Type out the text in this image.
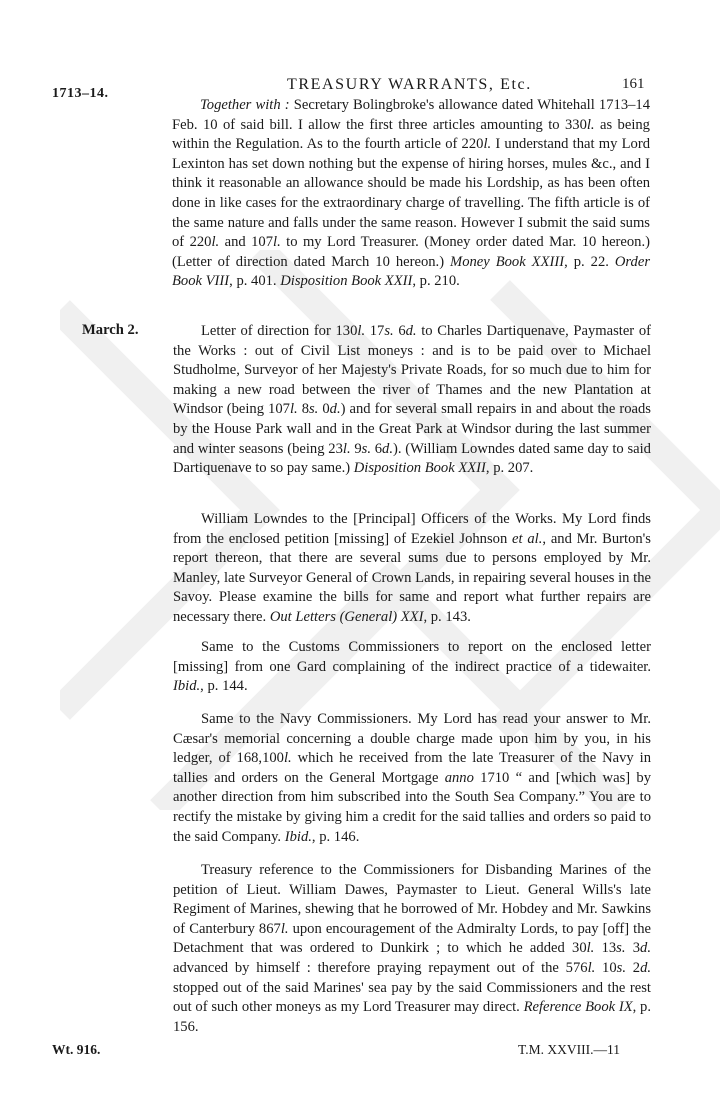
1713–14.
TREASURY WARRANTS, Etc.	161
March 2.

Together with : Secretary Bolingbroke's allowance dated Whitehall 1713–14 Feb. 10 of said bill. I allow the first three articles amounting to 330l. as being within the Regulation. As to the fourth article of 220l. I understand that my Lord Lexinton has set down nothing but the expense of hiring horses, mules &c., and I think it reasonable an allowance should be made his Lordship, as has been often done in like cases for the extraordinary charge of travelling. The fifth article is of the same nature and falls under the same reason. However I submit the said sums of 220l. and 107l. to my Lord Treasurer. (Money order dated Mar. 10 hereon.) (Letter of direction dated March 10 hereon.) Money Book XXIII, p. 22. Order Book VIII, p. 401. Disposition Book XXII, p. 210.

Letter of direction for 130l. 17s. 6d. to Charles Dartiquenave, Paymaster of the Works : out of Civil List moneys : and is to be paid over to Michael Studholme, Surveyor of her Majesty's Private Roads, for so much due to him for making a new road between the river of Thames and the new Plantation at Windsor (being 107l. 8s. 0d.) and for several small repairs in and about the roads by the House Park wall and in the Great Park at Windsor during the last summer and winter seasons (being 23l. 9s. 6d.). (William Lowndes dated same day to said Dartiquenave to so pay same.) Disposition Book XXII, p. 207.

William Lowndes to the [Principal] Officers of the Works. My Lord finds from the enclosed petition [missing] of Ezekiel Johnson et al., and Mr. Burton's report thereon, that there are several sums due to persons employed by Mr. Manley, late Surveyor General of Crown Lands, in repairing several houses in the Savoy. Please examine the bills for same and report what further repairs are necessary there. Out Letters (General) XXI, p. 143.

Same to the Customs Commissioners to report on the enclosed letter [missing] from one Gard complaining of the indirect practice of a tidewaiter. Ibid., p. 144.

Same to the Navy Commissioners. My Lord has read your answer to Mr. Cæsar's memorial concerning a double charge made upon him by you, in his ledger, of 168,100l. which he received from the late Treasurer of the Navy in tallies and orders on the General Mortgage anno 1710 “ and [which was] by another direction from him subscribed into the South Sea Company.” You are to rectify the mistake by giving him a credit for the said tallies and orders so paid to the said Company. Ibid., p. 146.

Treasury reference to the Commissioners for Disbanding Marines of the petition of Lieut. William Dawes, Paymaster to Lieut. General Wills's late Regiment of Marines, shewing that he borrowed of Mr. Hobdey and Mr. Sawkins of Canterbury 867l. upon encouragement of the Admiralty Lords, to pay [off] the Detachment that was ordered to Dunkirk ; to which he added 30l. 13s. 3d. advanced by himself : therefore praying repayment out of the 576l. 10s. 2d. stopped out of the said Marines' sea pay by the said Commissioners and the rest out of such other moneys as my Lord Treasurer may direct. Reference Book IX, p. 156.

Wt. 916.	T.M. XXVIII.—11
